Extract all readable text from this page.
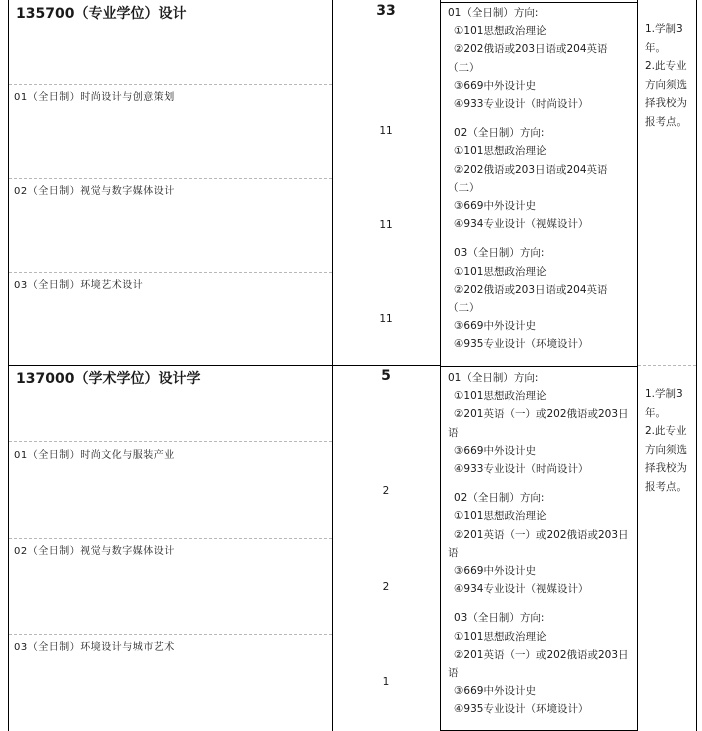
135700（专业学位）设计	33
01（全日制）时尚设计与创意策划
11
02（全日制）视觉与数字媒体设计
11
03（全日制）环境艺术设计
11
01（全日制）方向:
①101思想政治理论
②202俄语或203日语或204英语
（二）
③669中外设计史
④933专业设计（时尚设计）
02（全日制）方向:
①101思想政治理论
②202俄语或203日语或204英语
（二）
③669中外设计史
④934专业设计（视媒设计）
03（全日制）方向:
①101思想政治理论
②202俄语或203日语或204英语
（二）
③669中外设计史
④935专业设计（环境设计）
1.学制3
年。
2.此专业
方向须选
择我校为
报考点。
137000（学术学位）设计学	5
01（全日制）时尚文化与服装产业
2
02（全日制）视觉与数字媒体设计
2
03（全日制）环境设计与城市艺术
1
01（全日制）方向:
①101思想政治理论
②201英语（一）或202俄语或203日
语
③669中外设计史
④933专业设计（时尚设计）
02（全日制）方向:
①101思想政治理论
②201英语（一）或202俄语或203日
语
③669中外设计史
④934专业设计（视媒设计）
03（全日制）方向:
①101思想政治理论
②201英语（一）或202俄语或203日
语
③669中外设计史
④935专业设计（环境设计）
1.学制3
年。
2.此专业
方向须选
择我校为
报考点。
